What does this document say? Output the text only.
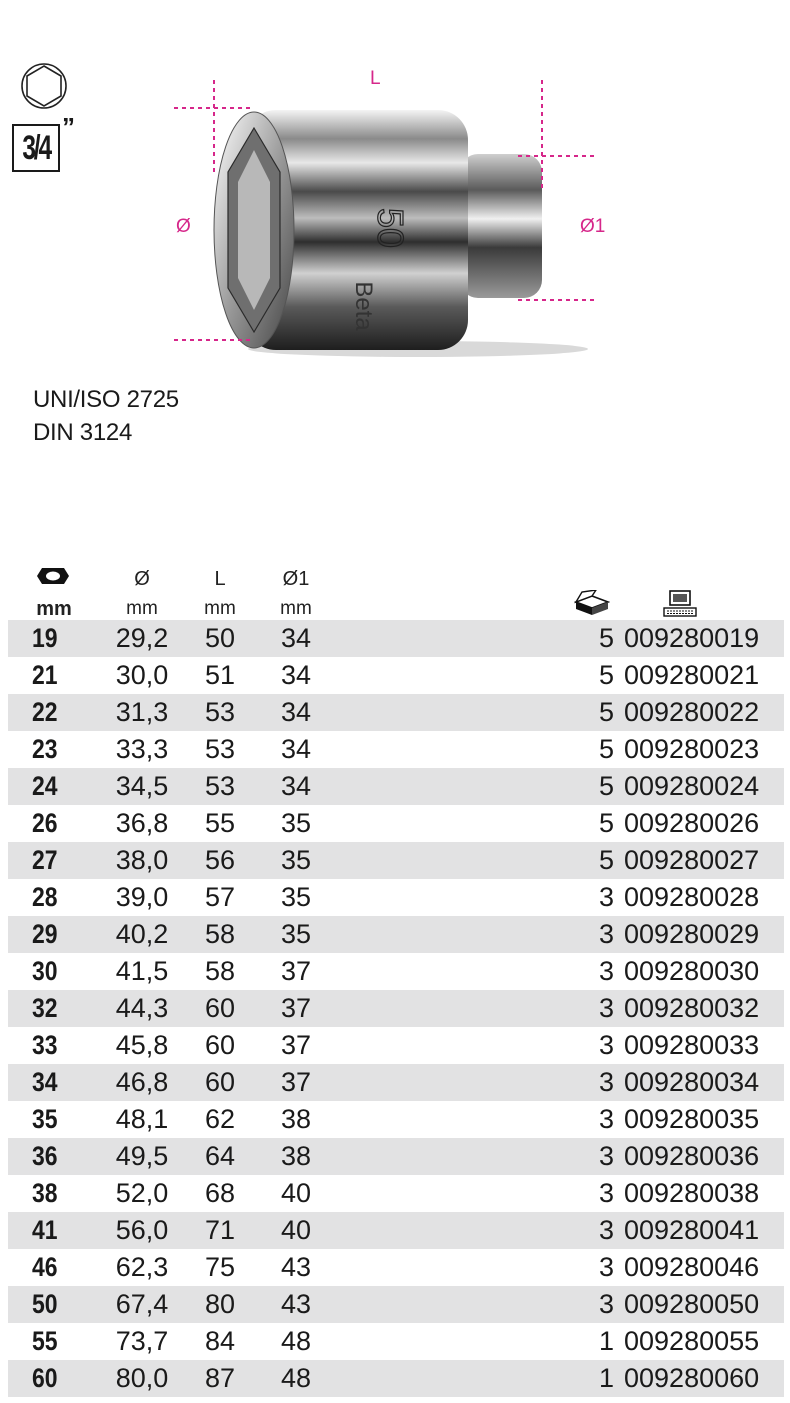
3/4
”
50
Beta
L
Ø	Ø1
UNI/ISO 2725
DIN 3124
mm
Ø
mm
L
mm
Ø1
mm
19 29,2 50 34	5 009280019
21 30,0 51 34	5 009280021
22 31,3 53 34	5 009280022
23 33,3 53 34	5 009280023
24 34,5 53 34	5 009280024
26 36,8 55 35	5 009280026
27 38,0 56 35	5 009280027
28 39,0 57 35	3 009280028
29 40,2 58 35	3 009280029
30 41,5 58 37	3 009280030
32 44,3 60 37	3 009280032
33 45,8 60 37	3 009280033
34 46,8 60 37	3 009280034
35 48,1 62 38	3 009280035
36 49,5 64 38	3 009280036
38 52,0 68 40	3 009280038
41 56,0 71 40	3 009280041
46 62,3 75 43	3 009280046
50 67,4 80 43	3 009280050
55 73,7 84 48	1 009280055
60 80,0 87 48	1 009280060
